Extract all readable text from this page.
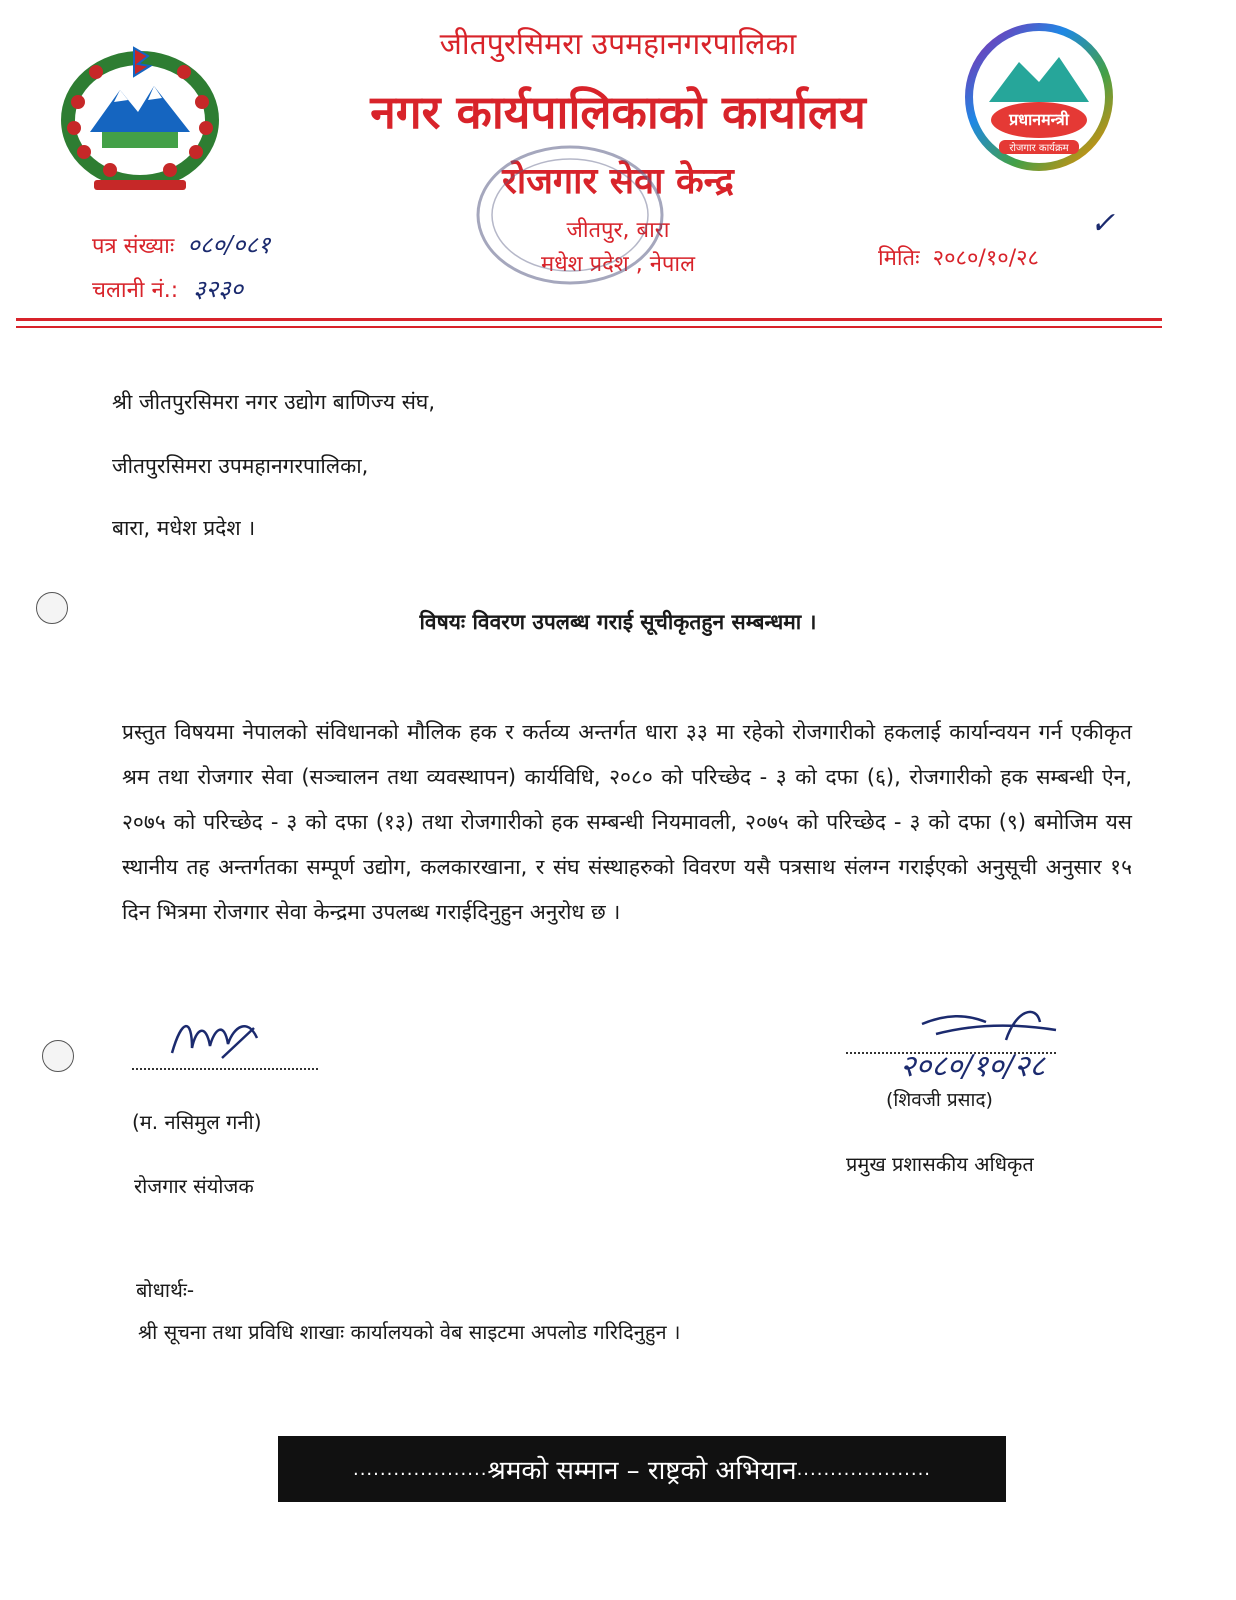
प्रधानमन्त्री
रोजगार कार्यक्रम
जीतपुरसिमरा उपमहानगरपालिका
नगर कार्यपालिकाको कार्यालय
रोजगार सेवा केन्द्र
जीतपुर, बारा
मधेश प्रदेश , नेपाल
पत्र संख्याः ०८०/०८१
चलानी नं.: ३२३०
मितिः २०८०/१०/२८
✓
श्री जीतपुरसिमरा नगर उद्योग बाणिज्य संघ,
जीतपुरसिमरा उपमहानगरपालिका,
बारा, मधेश प्रदेश ।
विषयः विवरण उपलब्ध गराई सूचीकृतहुन सम्बन्धमा ।
प्रस्तुत विषयमा नेपालको संविधानको मौलिक हक र कर्तव्य अन्तर्गत धारा ३३ मा रहेको रोजगारीको हकलाई कार्यान्वयन गर्न एकीकृत श्रम तथा रोजगार सेवा (सञ्चालन तथा व्यवस्थापन) कार्यविधि, २०८० को परिच्छेद - ३ को दफा (६), रोजगारीको हक सम्बन्धी ऐन, २०७५ को परिच्छेद - ३ को दफा (१३) तथा रोजगारीको हक सम्बन्धी नियमावली, २०७५ को परिच्छेद - ३ को दफा (९) बमोजिम यस स्थानीय तह अन्तर्गतका सम्पूर्ण उद्योग, कलकारखाना, र संघ संस्थाहरुको विवरण यसै पत्रसाथ संलग्न गराईएको अनुसूची अनुसार १५ दिन भित्रमा रोजगार सेवा केन्द्रमा उपलब्ध गराईदिनुहुन अनुरोध छ ।
(म. नसिमुल गनी)
रोजगार संयोजक
२०८०/१०/२८
(शिवजी प्रसाद)
प्रमुख प्रशासकीय अधिकृत
बोधार्थः-
श्री सूचना तथा प्रविधि शाखाः कार्यालयको वेब साइटमा अपलोड गरिदिनुहुन ।
.................... श्रमको सम्मान – राष्ट्रको अभियान ....................
